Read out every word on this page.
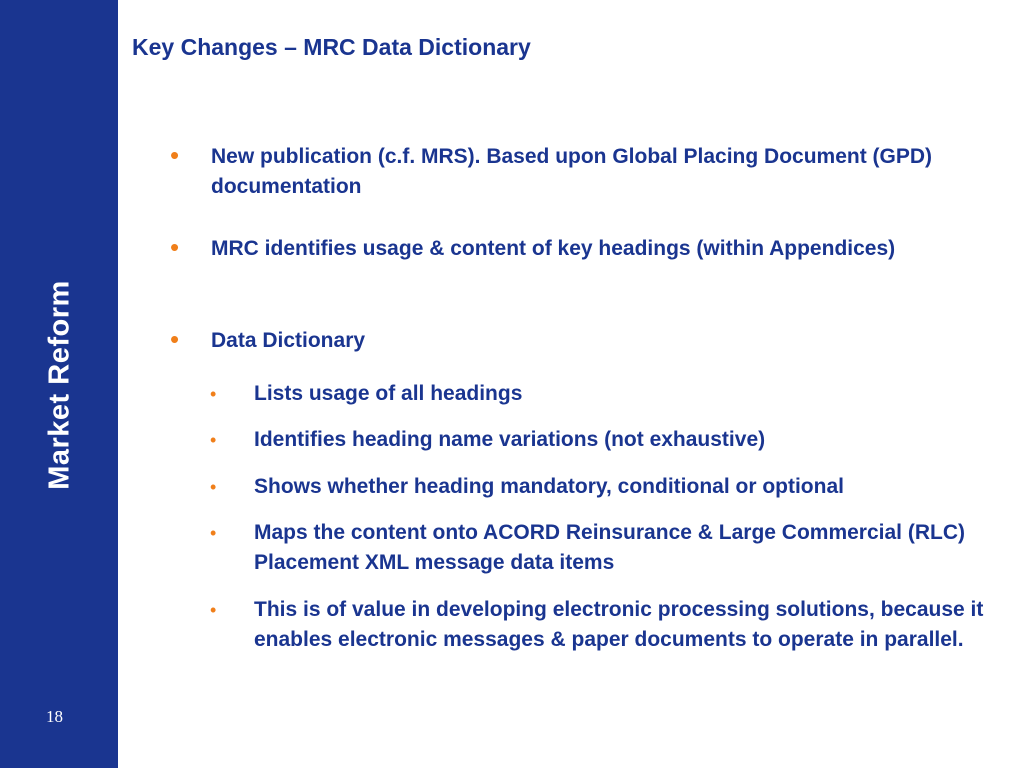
Market Reform
18
Key Changes – MRC Data Dictionary
• New publication (c.f. MRS). Based upon Global Placing Document (GPD) documentation
• MRC identifies usage & content of key headings (within Appendices)
• Data Dictionary
• Lists usage of all headings
• Identifies heading name variations (not exhaustive)
• Shows whether heading mandatory, conditional or optional
• Maps the content onto ACORD Reinsurance & Large Commercial (RLC) Placement XML message data items
• This is of value in developing electronic processing solutions, because it enables electronic messages & paper documents to operate in parallel.
